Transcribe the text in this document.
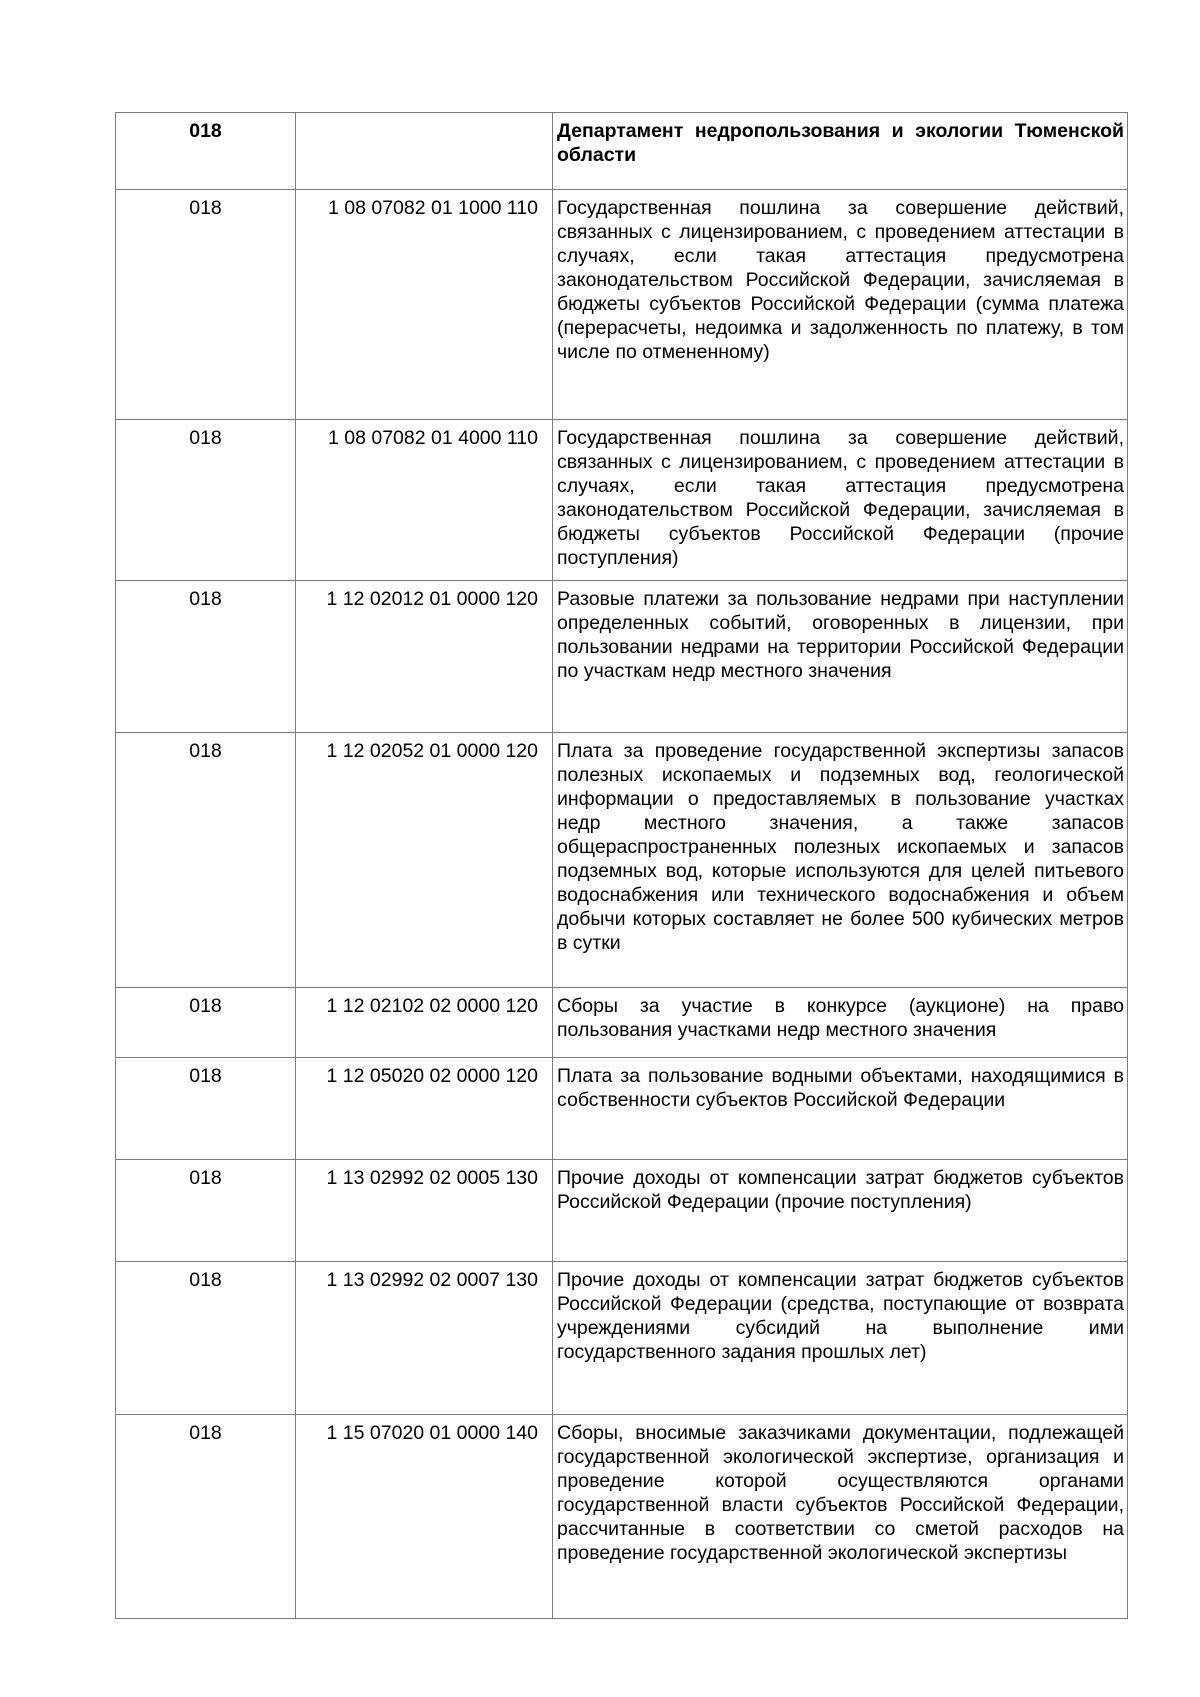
018		Департамент недропользования и экологии Тюменской области
018	1 08 07082 01 1000 110	Государственная пошлина за совершение действий, связанных с лицензированием, с проведением аттестации в случаях, если такая аттестация предусмотрена законодательством Российской Федерации, зачисляемая в бюджеты субъектов Российской Федерации (сумма платежа (перерасчеты, недоимка и задолженность по платежу, в том числе по отмененному)
018	1 08 07082 01 4000 110	Государственная пошлина за совершение действий, связанных с лицензированием, с проведением аттестации в случаях, если такая аттестация предусмотрена законодательством Российской Федерации, зачисляемая в бюджеты субъектов Российской Федерации (прочие поступления)
018	1 12 02012 01 0000 120	Разовые платежи за пользование недрами при наступлении определенных событий, оговоренных в лицензии, при пользовании недрами на территории Российской Федерации по участкам недр местного значения
018	1 12 02052 01 0000 120	Плата за проведение государственной экспертизы запасов полезных ископаемых и подземных вод, геологической информации о предоставляемых в пользование участках недр местного значения, а также запасов общераспространенных полезных ископаемых и запасов подземных вод, которые используются для целей питьевого водоснабжения или технического водоснабжения и объем добычи которых составляет не более 500 кубических метров в сутки
018	1 12 02102 02 0000 120	Сборы за участие в конкурсе (аукционе) на право пользования участками недр местного значения
018	1 12 05020 02 0000 120	Плата за пользование водными объектами, находящимися в собственности субъектов Российской Федерации
018	1 13 02992 02 0005 130	Прочие доходы от компенсации затрат бюджетов субъектов Российской Федерации (прочие поступления)
018	1 13 02992 02 0007 130	Прочие доходы от компенсации затрат бюджетов субъектов Российской Федерации (средства, поступающие от возврата учреждениями субсидий на выполнение ими государственного задания прошлых лет)
018	1 15 07020 01 0000 140	Сборы, вносимые заказчиками документации, подлежащей государственной экологической экспертизе, организация и проведение которой осуществляются органами государственной власти субъектов Российской Федерации, рассчитанные в соответствии со сметой расходов на проведение государственной экологической экспертизы
